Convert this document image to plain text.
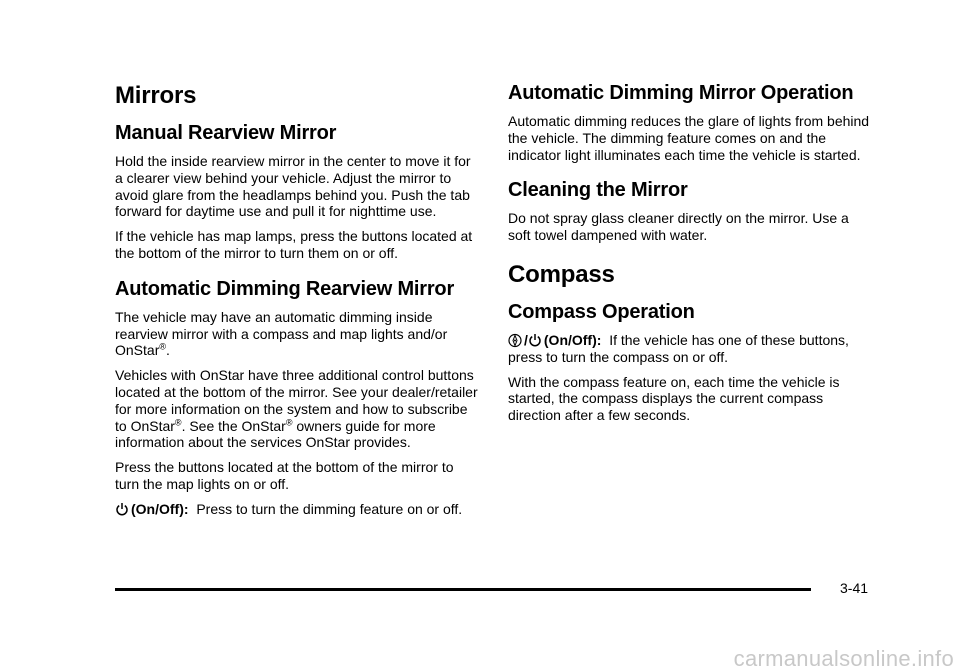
Mirrors
Manual Rearview Mirror

Hold the inside rearview mirror in the center to move it for a clearer view behind your vehicle. Adjust the mirror to avoid glare from the headlamps behind you. Push the tab forward for daytime use and pull it for nighttime use.

If the vehicle has map lamps, press the buttons located at the bottom of the mirror to turn them on or off.

Automatic Dimming Rearview Mirror

The vehicle may have an automatic dimming inside rearview mirror with a compass and map lights and/or OnStar®.

Vehicles with OnStar have three additional control buttons located at the bottom of the mirror. See your dealer/retailer for more information on the system and how to subscribe to OnStar®. See the OnStar® owners guide for more information about the services OnStar provides.

Press the buttons located at the bottom of the mirror to turn the map lights on or off.

(On/Off): Press to turn the dimming feature on or off.

Automatic Dimming Mirror Operation

Automatic dimming reduces the glare of lights from behind the vehicle. The dimming feature comes on and the indicator light illuminates each time the vehicle is started.

Cleaning the Mirror

Do not spray glass cleaner directly on the mirror. Use a soft towel dampened with water.

Compass
Compass Operation

/ (On/Off): If the vehicle has one of these buttons,
press to turn the compass on or off.

With the compass feature on, each time the vehicle is started, the compass displays the current compass direction after a few seconds.

3-41
carmanualsonline.info
